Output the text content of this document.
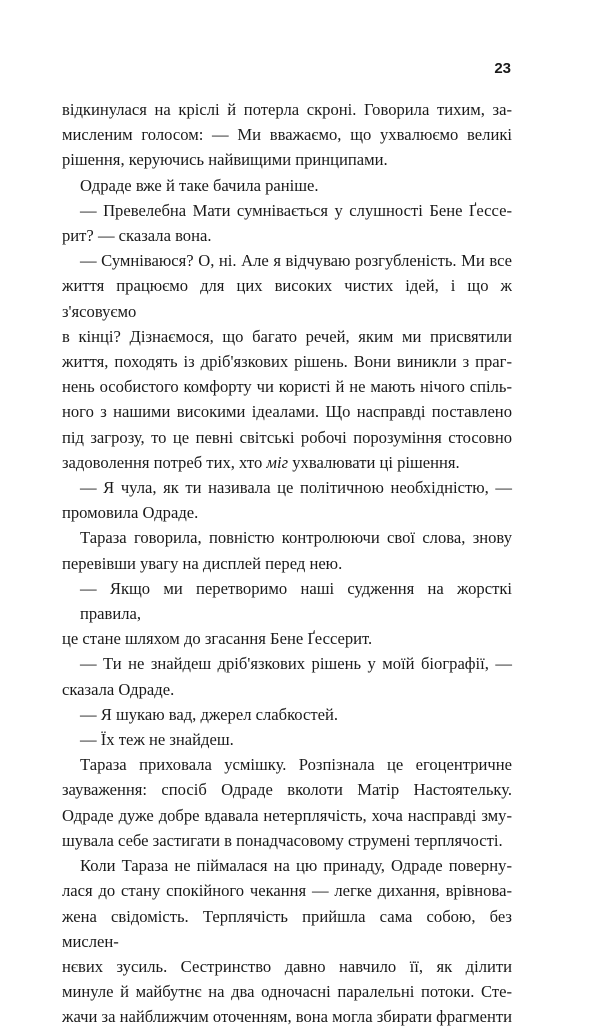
23

відкинулася на кріслі й потерла скроні. Говорила тихим, за-

мисленим голосом: — Ми вважаємо, що ухвалюємо великі

рішення, керуючись найвищими принципами.

Одраде вже й таке бачила раніше.

— Превелебна Мати сумнівається у слушності Бене Ґессе-

рит? — сказала вона.

— Сумніваюся? О, ні. Але я відчуваю розгубленість. Ми все

життя працюємо для цих високих чистих ідей, і що ж з'ясовуємо

в кінці? Дізнаємося, що багато речей, яким ми присвятили

життя, походять із дріб'язкових рішень. Вони виникли з праг-

нень особистого комфорту чи користі й не мають нічого спіль-

ного з нашими високими ідеалами. Що насправді поставлено

під загрозу, то це певні світські робочі порозуміння стосовно

задоволення потреб тих, хто міг ухвалювати ці рішення.

— Я чула, як ти називала це політичною необхідністю, —

промовила Одраде.

Тараза говорила, повністю контролюючи свої слова, знову

перевівши увагу на дисплей перед нею.

— Якщо ми перетворимо наші судження на жорсткі правила,

це стане шляхом до згасання Бене Ґессерит.

— Ти не знайдеш дріб'язкових рішень у моїй біографії, —

сказала Одраде.

— Я шукаю вад, джерел слабкостей.

— Їх теж не знайдеш.

Тараза приховала усмішку. Розпізнала це егоцентричне

зауваження: спосіб Одраде вколоти Матір Настоятельку.

Одраде дуже добре вдавала нетерплячість, хоча насправді зму-

шувала себе застигати в понадчасовому струмені терплячості.

Коли Тараза не піймалася на цю принаду, Одраде поверну-

лася до стану спокійного чекання — легке дихання, врівнова-

жена свідомість. Терплячість прийшла сама собою, без мислен-

нєвих зусиль. Сестринство давно навчило її, як ділити

минуле й майбутнє на два одночасні паралельні потоки. Сте-

жачи за найближчим оточенням, вона могла збирати фрагменти
